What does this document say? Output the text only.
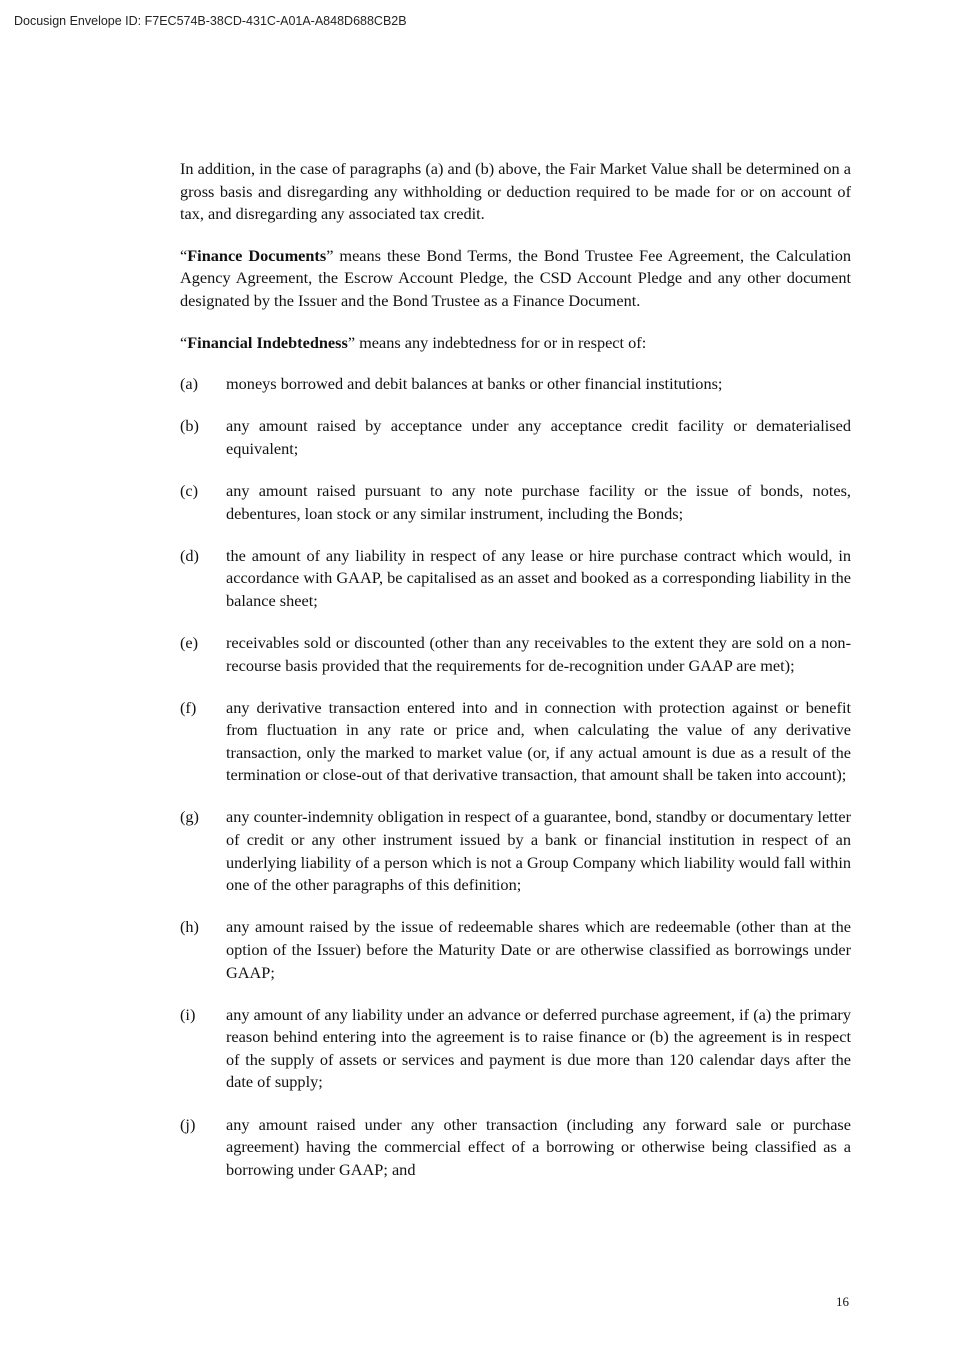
Docusign Envelope ID: F7EC574B-38CD-431C-A01A-A848D688CB2B

In addition, in the case of paragraphs (a) and (b) above, the Fair Market Value shall be determined on a gross basis and disregarding any withholding or deduction required to be made for or on account of tax, and disregarding any associated tax credit.

“Finance Documents” means these Bond Terms, the Bond Trustee Fee Agreement, the Calculation Agency Agreement, the Escrow Account Pledge, the CSD Account Pledge and any other document designated by the Issuer and the Bond Trustee as a Finance Document.

“Financial Indebtedness” means any indebtedness for or in respect of:

(a)	moneys borrowed and debit balances at banks or other financial institutions;
(b)	any amount raised by acceptance under any acceptance credit facility or dematerialised equivalent;
(c)	any amount raised pursuant to any note purchase facility or the issue of bonds, notes, debentures, loan stock or any similar instrument, including the Bonds;
(d)	the amount of any liability in respect of any lease or hire purchase contract which would, in accordance with GAAP, be capitalised as an asset and booked as a corresponding liability in the balance sheet;
(e)	receivables sold or discounted (other than any receivables to the extent they are sold on a non-recourse basis provided that the requirements for de-recognition under GAAP are met);
(f)	any derivative transaction entered into and in connection with protection against or benefit from fluctuation in any rate or price and, when calculating the value of any derivative transaction, only the marked to market value (or, if any actual amount is due as a result of the termination or close-out of that derivative transaction, that amount shall be taken into account);
(g)	any counter-indemnity obligation in respect of a guarantee, bond, standby or documentary letter of credit or any other instrument issued by a bank or financial institution in respect of an underlying liability of a person which is not a Group Company which liability would fall within one of the other paragraphs of this definition;
(h)	any amount raised by the issue of redeemable shares which are redeemable (other than at the option of the Issuer) before the Maturity Date or are otherwise classified as borrowings under GAAP;
(i)	any amount of any liability under an advance or deferred purchase agreement, if (a) the primary reason behind entering into the agreement is to raise finance or (b) the agreement is in respect of the supply of assets or services and payment is due more than 120 calendar days after the date of supply;
(j)	any amount raised under any other transaction (including any forward sale or purchase agreement) having the commercial effect of a borrowing or otherwise being classified as a borrowing under GAAP; and
16
